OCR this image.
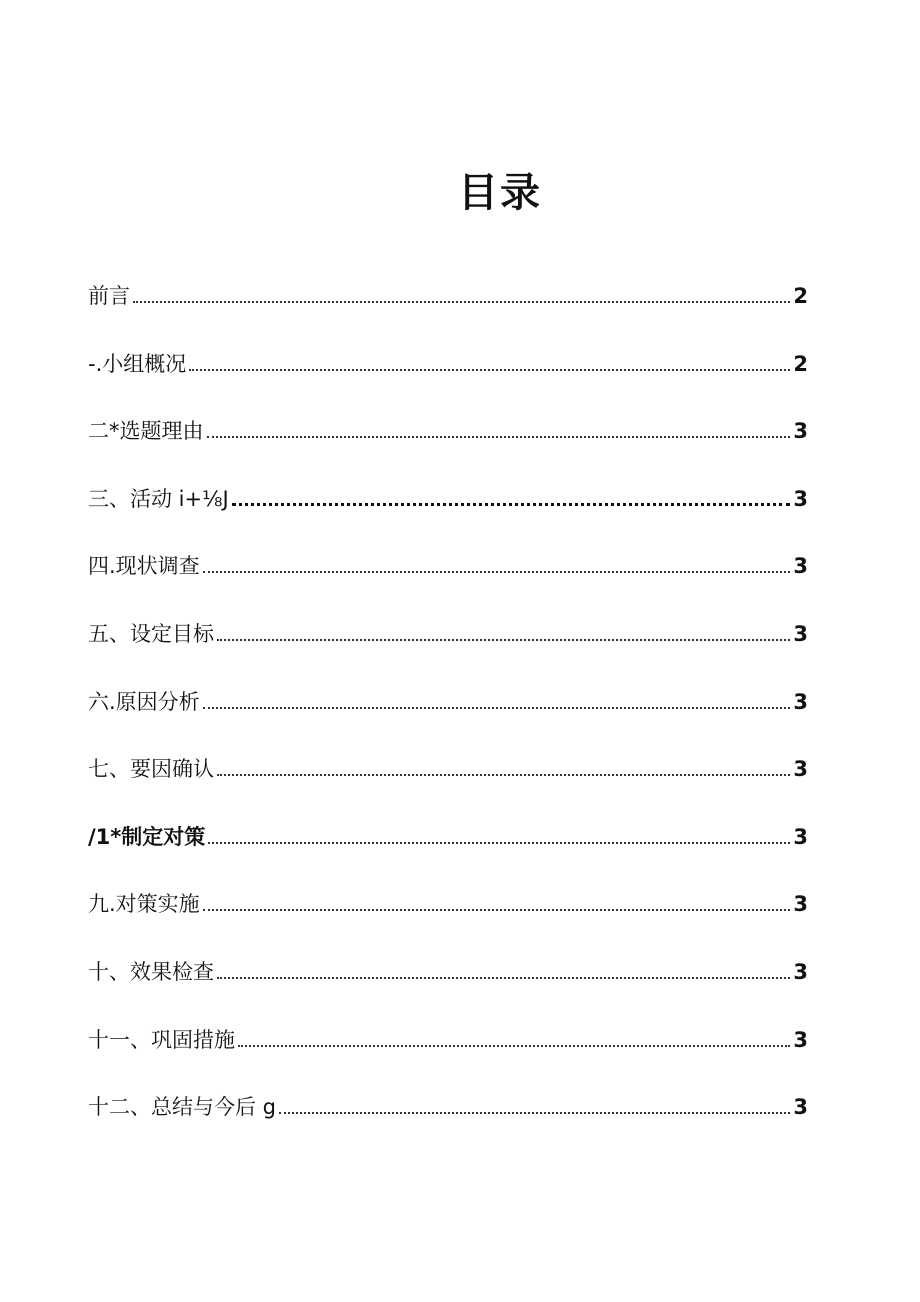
目录
前言	2
-.小组概况	2
二*选题理由	3
三、活动 i+⅛J	3
四.现状调查	3
五、设定目标	3
六.原因分析	3
七、要因确认	3
/1*制定对策	3
九.对策实施	3
十、效果检查	3
十一、巩固措施	3
十二、总结与今后 g	3
